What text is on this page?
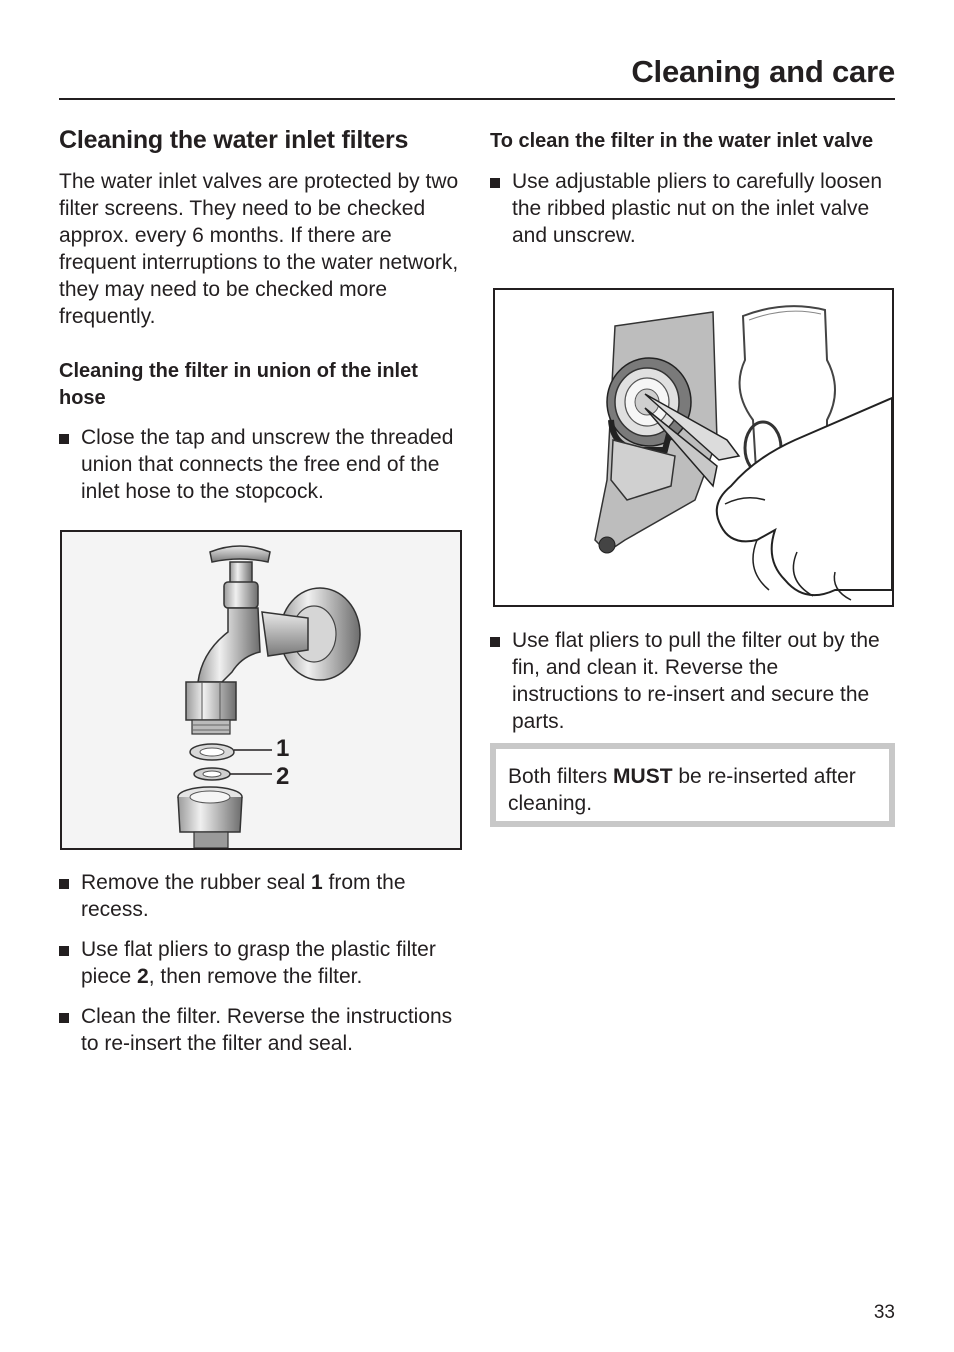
Cleaning and care
Cleaning the water inlet filters

The water inlet valves are protected by two filter screens. They need to be checked approx. every 6 months. If there are frequent interruptions to the water network, they may need to be checked more frequently.

Cleaning the filter in union of the inlet hose
Close the tap and unscrew the threaded union that connects the free end of the inlet hose to the stopcock.
1
2
Remove the rubber seal 1 from the recess.
Use flat pliers to grasp the plastic filter piece 2, then remove the filter.
Clean the filter. Reverse the instructions to re-insert the filter and seal.
To clean the filter in the water inlet valve
Use adjustable pliers to carefully loosen the ribbed plastic nut on the inlet valve and unscrew.
Use flat pliers to pull the filter out by the fin, and clean it. Reverse the instructions to re-insert and secure the parts.
Both filters MUST be re-inserted after cleaning.
33
